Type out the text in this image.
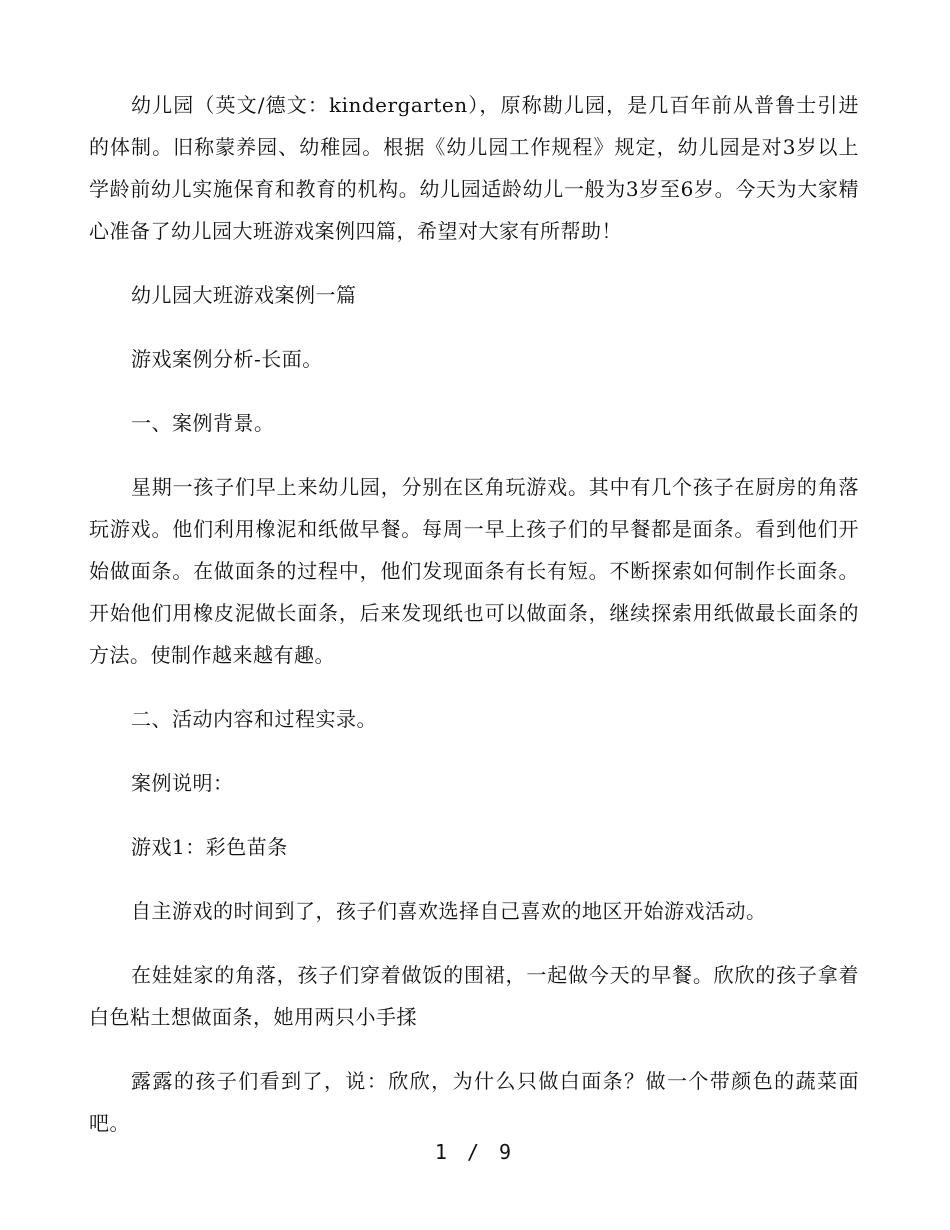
幼儿园（英文/德文：kindergarten），原称勘儿园，是几百年前从普鲁士引进的体制。旧称蒙养园、幼稚园。根据《幼儿园工作规程》规定，幼儿园是对3岁以上学龄前幼儿实施保育和教育的机构。幼儿园适龄幼儿一般为3岁至6岁。今天为大家精心准备了幼儿园大班游戏案例四篇，希望对大家有所帮助！

幼儿园大班游戏案例一篇

游戏案例分析-长面。

一、案例背景。

星期一孩子们早上来幼儿园，分别在区角玩游戏。其中有几个孩子在厨房的角落玩游戏。他们利用橡泥和纸做早餐。每周一早上孩子们的早餐都是面条。看到他们开始做面条。在做面条的过程中，他们发现面条有长有短。不断探索如何制作长面条。开始他们用橡皮泥做长面条，后来发现纸也可以做面条，继续探索用纸做最长面条的方法。使制作越来越有趣。

二、活动内容和过程实录。

案例说明：

游戏1：彩色苗条

自主游戏的时间到了，孩子们喜欢选择自己喜欢的地区开始游戏活动。

在娃娃家的角落，孩子们穿着做饭的围裙，一起做今天的早餐。欣欣的孩子拿着白色粘土想做面条，她用两只小手揉

露露的孩子们看到了，说：欣欣，为什么只做白面条？做一个带颜色的蔬菜面吧。

1 / 9
